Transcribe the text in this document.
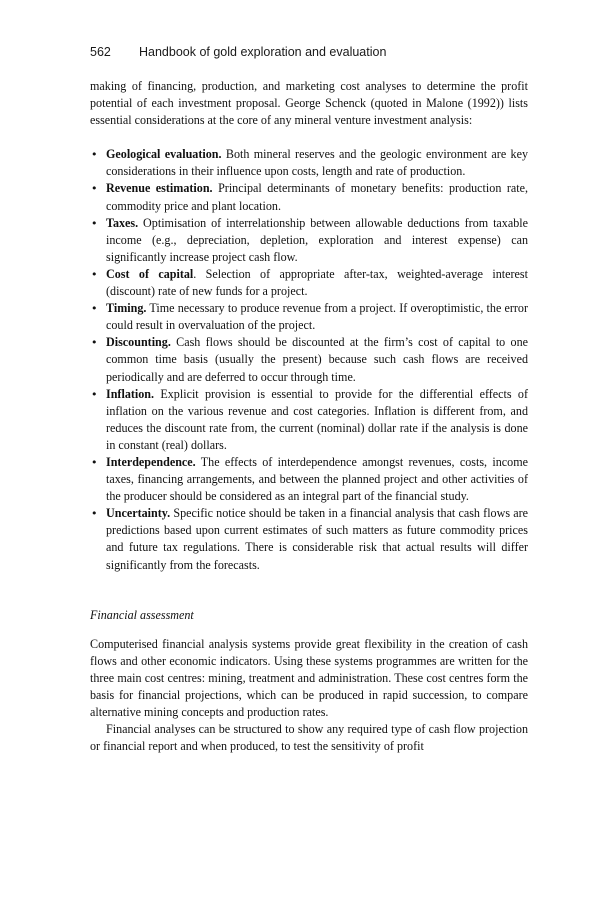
562 Handbook of gold exploration and evaluation

making of financing, production, and marketing cost analyses to determine the profit potential of each investment proposal. George Schenck (quoted in Malone (1992)) lists essential considerations at the core of any mineral venture investment analysis:

• Geological evaluation. Both mineral reserves and the geologic environment are key considerations in their influence upon costs, length and rate of production.
• Revenue estimation. Principal determinants of monetary benefits: production rate, commodity price and plant location.
• Taxes. Optimisation of interrelationship between allowable deductions from taxable income (e.g., depreciation, depletion, exploration and interest expense) can significantly increase project cash flow.
• Cost of capital. Selection of appropriate after-tax, weighted-average interest (discount) rate of new funds for a project.
• Timing. Time necessary to produce revenue from a project. If overoptimistic, the error could result in overvaluation of the project.
• Discounting. Cash flows should be discounted at the firm’s cost of capital to one common time basis (usually the present) because such cash flows are received periodically and are deferred to occur through time.
• Inflation. Explicit provision is essential to provide for the differential effects of inflation on the various revenue and cost categories. Inflation is different from, and reduces the discount rate from, the current (nominal) dollar rate if the analysis is done in constant (real) dollars.
• Interdependence. The effects of interdependence amongst revenues, costs, income taxes, financing arrangements, and between the planned project and other activities of the producer should be considered as an integral part of the financial study.
• Uncertainty. Specific notice should be taken in a financial analysis that cash flows are predictions based upon current estimates of such matters as future commodity prices and future tax regulations. There is considerable risk that actual results will differ significantly from the forecasts.

Financial assessment

Computerised financial analysis systems provide great flexibility in the creation of cash flows and other economic indicators. Using these systems programmes are written for the three main cost centres: mining, treatment and administration. These cost centres form the basis for financial projections, which can be produced in rapid succession, to compare alternative mining concepts and production rates.

Financial analyses can be structured to show any required type of cash flow projection or financial report and when produced, to test the sensitivity of profit
